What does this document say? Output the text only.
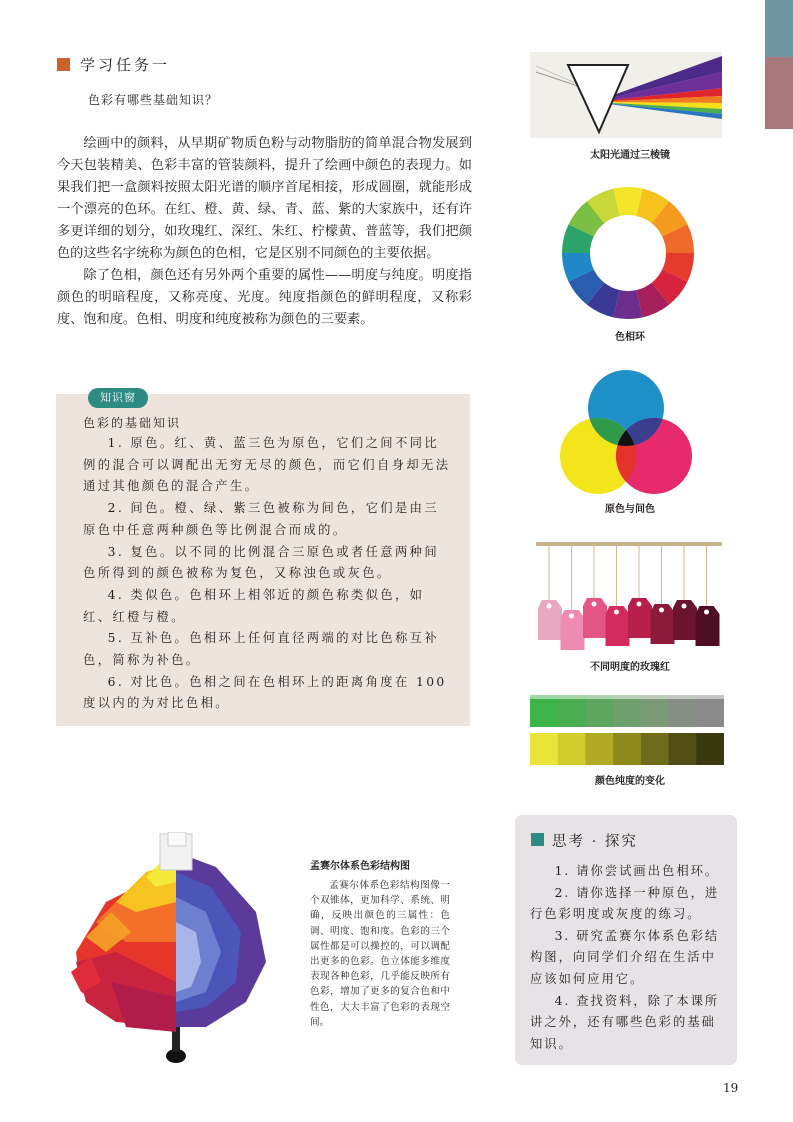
学习任务一
色彩有哪些基础知识？

绘画中的颜料，从早期矿物质色粉与动物脂肪的简单混合物发展到今天包装精美、色彩丰富的管装颜料，提升了绘画中颜色的表现力。如果我们把一盒颜料按照太阳光谱的顺序首尾相接，形成圆圈，就能形成一个漂亮的色环。在红、橙、黄、绿、青、蓝、紫的大家族中，还有许多更详细的划分，如玫瑰红、深红、朱红、柠檬黄、普蓝等，我们把颜色的这些名字统称为颜色的色相，它是区别不同颜色的主要依据。

除了色相，颜色还有另外两个重要的属性——明度与纯度。明度指颜色的明暗程度，又称亮度、光度。纯度指颜色的鲜明程度，又称彩度、饱和度。色相、明度和纯度被称为颜色的三要素。

知识窗
色彩的基础知识

1. 原色。红、黄、蓝三色为原色，它们之间不同比例的混合可以调配出无穷无尽的颜色，而它们自身却无法通过其他颜色的混合产生。

2. 间色。橙、绿、紫三色被称为间色，它们是由三原色中任意两种颜色等比例混合而成的。

3. 复色。以不同的比例混合三原色或者任意两种间色所得到的颜色被称为复色，又称浊色或灰色。

4. 类似色。色相环上相邻近的颜色称类似色，如红、红橙与橙。

5. 互补色。色相环上任何直径两端的对比色称互补色，简称为补色。

6. 对比色。色相之间在色相环上的距离角度在 100 度以内的为对比色相。

太阳光通过三棱镜
色相环
原色与间色
不同明度的玫瑰红
颜色纯度的变化
孟赛尔体系色彩结构图

孟赛尔体系色彩结构图像一个双锥体，更加科学、系统、明确，反映出颜色的三属性：色调、明度、饱和度。色彩的三个属性都是可以操控的，可以调配出更多的色彩。色立体能多维度表现各种色彩，几乎能反映所有色彩，增加了更多的复合色和中性色，大大丰富了色彩的表现空间。

思考 · 探究

1. 请你尝试画出色相环。

2. 请你选择一种原色，进行色彩明度或灰度的练习。

3. 研究孟赛尔体系色彩结构图，向同学们介绍在生活中应该如何应用它。

4. 查找资料，除了本课所讲之外，还有哪些色彩的基础知识。

19
